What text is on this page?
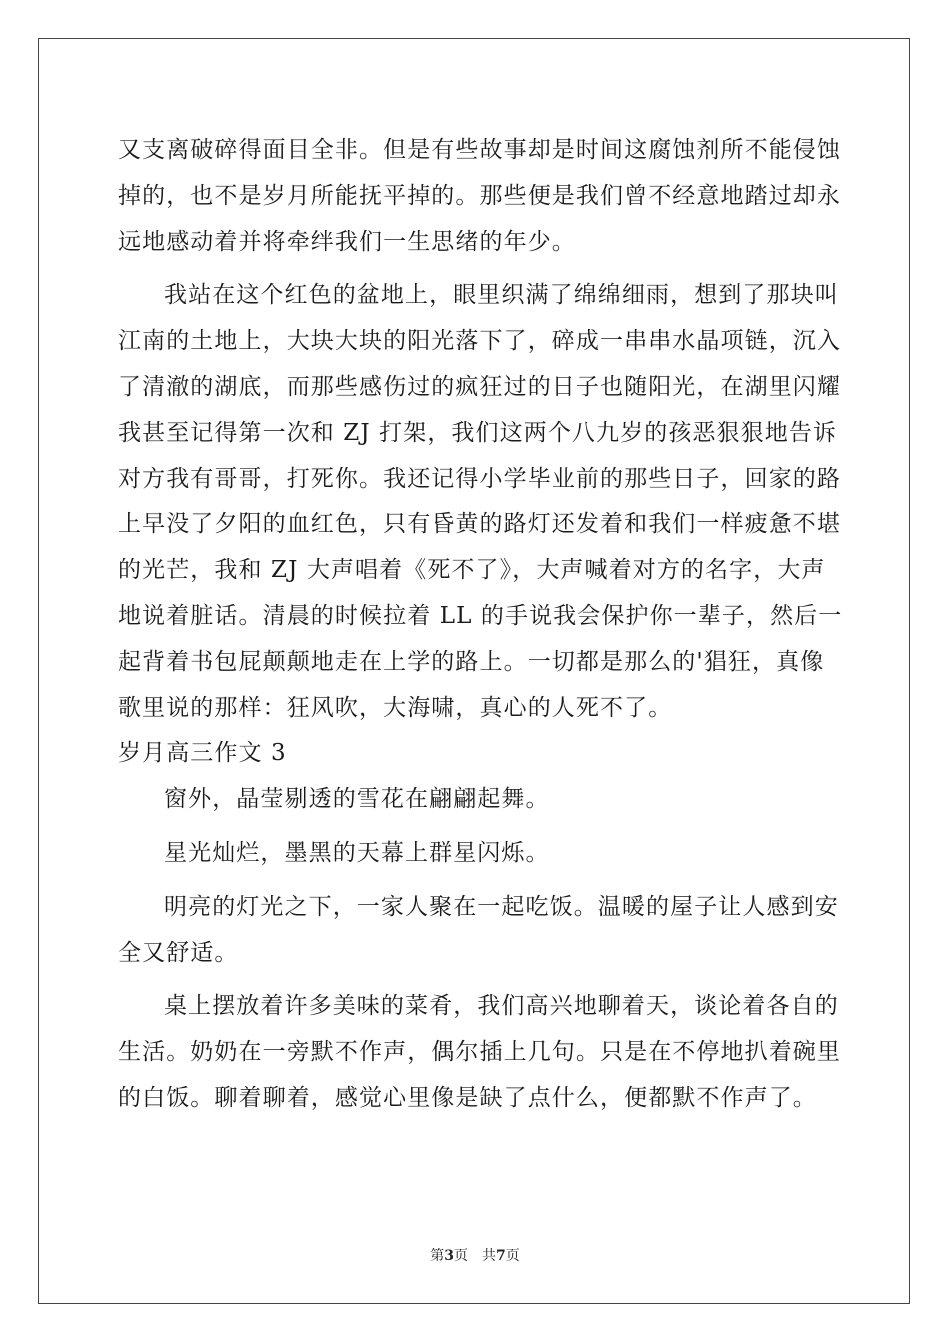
又支离破碎得面目全非。但是有些故事却是时间这腐蚀剂所不能侵蚀
掉的，也不是岁月所能抚平掉的。那些便是我们曾不经意地踏过却永
远地感动着并将牵绊我们一生思绪的年少。
我站在这个红色的盆地上，眼里织满了绵绵细雨，想到了那块叫
江南的土地上，大块大块的阳光落下了，碎成一串串水晶项链，沉入
了清澈的湖底，而那些感伤过的疯狂过的日子也随阳光，在湖里闪耀
我甚至记得第一次和 ZJ 打架，我们这两个八九岁的孩恶狠狠地告诉
对方我有哥哥，打死你。我还记得小学毕业前的那些日子，回家的路
上早没了夕阳的血红色，只有昏黄的路灯还发着和我们一样疲惫不堪
的光芒，我和 ZJ 大声唱着《死不了》，大声喊着对方的名字，大声
地说着脏话。清晨的时候拉着 LL 的手说我会保护你一辈子，然后一
起背着书包屁颠颠地走在上学的路上。一切都是那么的'猖狂，真像
歌里说的那样：狂风吹，大海啸，真心的人死不了。
岁月高三作文 3
窗外，晶莹剔透的雪花在翩翩起舞。
星光灿烂，墨黑的天幕上群星闪烁。
明亮的灯光之下，一家人聚在一起吃饭。温暖的屋子让人感到安
全又舒适。
桌上摆放着许多美味的菜肴，我们高兴地聊着天，谈论着各自的
生活。奶奶在一旁默不作声，偶尔插上几句。只是在不停地扒着碗里
的白饭。聊着聊着，感觉心里像是缺了点什么，便都默不作声了。
第3页 共7页
